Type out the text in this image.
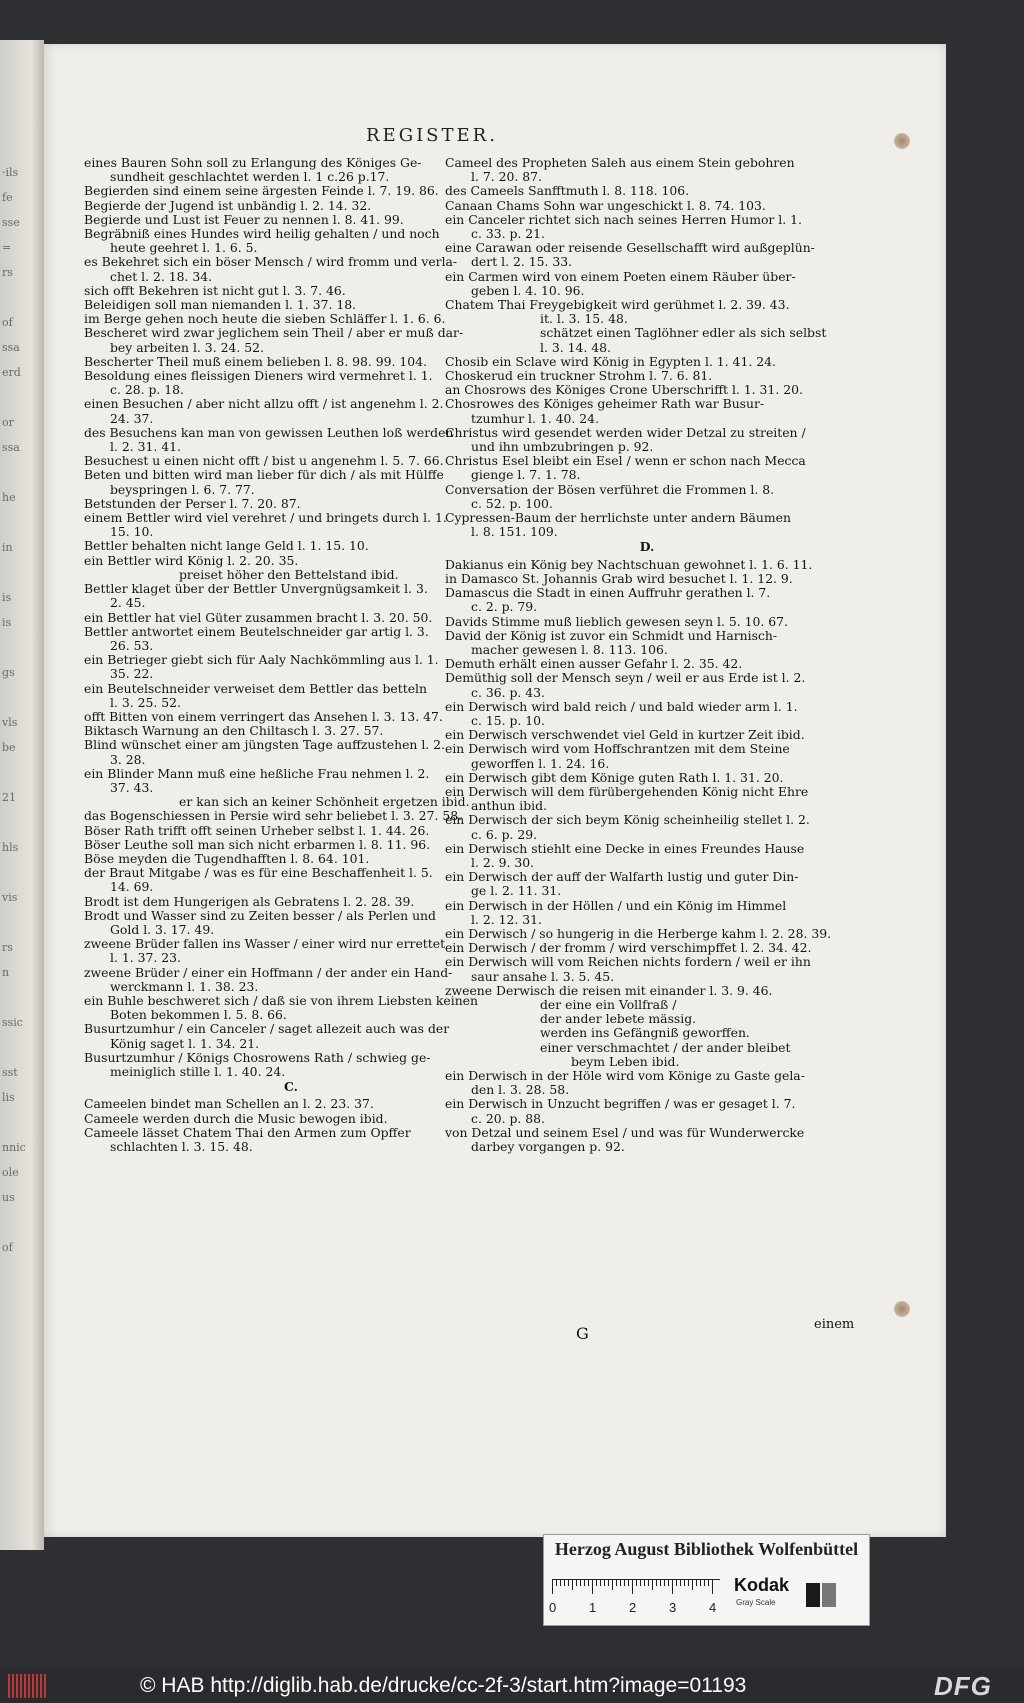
·ils
fe
sse
=
rs

of
ssa
erd

or
ssa

he

in

is
is

gs

vls
be

21

hls

vis

rs
n

ssic

sst
lis

nnic
ole
us

of
REGISTER.
eines Bauren Sohn soll zu Erlangung des Königes Ge-
sundheit geschlachtet werden l. 1 c.26 p.17.
Begierden sind einem seine ärgesten Feinde l. 7. 19. 86.
Begierde der Jugend ist unbändig l. 2. 14. 32.
Begierde und Lust ist Feuer zu nennen l. 8. 41. 99.
Begräbniß eines Hundes wird heilig gehalten / und noch
heute geehret l. 1. 6. 5.
es Bekehret sich ein böser Mensch / wird fromm und verla-
chet l. 2. 18. 34.
sich offt Bekehren ist nicht gut l. 3. 7. 46.
Beleidigen soll man niemanden l. 1. 37. 18.
im Berge gehen noch heute die sieben Schläffer l. 1. 6. 6.
Bescheret wird zwar jeglichem sein Theil / aber er muß dar-
bey arbeiten l. 3. 24. 52.
Bescherter Theil muß einem belieben l. 8. 98. 99. 104.
Besoldung eines fleissigen Dieners wird vermehret l. 1.
c. 28. p. 18.
einen Besuchen / aber nicht allzu offt / ist angenehm l. 2.
24. 37.
des Besuchens kan man von gewissen Leuthen loß werden
l. 2. 31. 41.
Besuchest u einen nicht offt / bist u angenehm l. 5. 7. 66.
Beten und bitten wird man lieber für dich / als mit Hülffe
beyspringen l. 6. 7. 77.
Betstunden der Perser l. 7. 20. 87.
einem Bettler wird viel verehret / und bringets durch l. 1.
15. 10.
Bettler behalten nicht lange Geld l. 1. 15. 10.
ein Bettler wird König l. 2. 20. 35.
preiset höher den Bettelstand ibid.
Bettler klaget über der Bettler Unvergnügsamkeit l. 3.
2. 45.
ein Bettler hat viel Güter zusammen bracht l. 3. 20. 50.
Bettler antwortet einem Beutelschneider gar artig l. 3.
26. 53.
ein Betrieger giebt sich für Aaly Nachkömmling aus l. 1.
35. 22.
ein Beutelschneider verweiset dem Bettler das betteln
l. 3. 25. 52.
offt Bitten von einem verringert das Ansehen l. 3. 13. 47.
Biktasch Warnung an den Chiltasch l. 3. 27. 57.
Blind wünschet einer am jüngsten Tage auffzustehen l. 2.
3. 28.
ein Blinder Mann muß eine heßliche Frau nehmen l. 2.
37. 43.
er kan sich an keiner Schönheit ergetzen ibid.
das Bogenschiessen in Persie wird sehr beliebet l. 3. 27. 58.
Böser Rath trifft offt seinen Urheber selbst l. 1. 44. 26.
Böser Leuthe soll man sich nicht erbarmen l. 8. 11. 96.
Böse meyden die Tugendhafften l. 8. 64. 101.
der Braut Mitgabe / was es für eine Beschaffenheit l. 5.
14. 69.
Brodt ist dem Hungerigen als Gebratens l. 2. 28. 39.
Brodt und Wasser sind zu Zeiten besser / als Perlen und
Gold l. 3. 17. 49.
zweene Brüder fallen ins Wasser / einer wird nur errettet
l. 1. 37. 23.
zweene Brüder / einer ein Hoffmann / der ander ein Hand-
werckmann l. 1. 38. 23.
ein Buhle beschweret sich / daß sie von ihrem Liebsten keinen
Boten bekommen l. 5. 8. 66.
Busurtzumhur / ein Canceler / saget allezeit auch was der
König saget l. 1. 34. 21.
Busurtzumhur / Königs Chosrowens Rath / schwieg ge-
meiniglich stille l. 1. 40. 24.
C.
Cameelen bindet man Schellen an l. 2. 23. 37.
Cameele werden durch die Music bewogen ibid.
Cameele lässet Chatem Thai den Armen zum Opffer
schlachten l. 3. 15. 48.
Cameel des Propheten Saleh aus einem Stein gebohren
l. 7. 20. 87.
des Cameels Sanfftmuth l. 8. 118. 106.
Canaan Chams Sohn war ungeschickt l. 8. 74. 103.
ein Canceler richtet sich nach seines Herren Humor l. 1.
c. 33. p. 21.
eine Carawan oder reisende Gesellschafft wird außgeplün-
dert l. 2. 15. 33.
ein Carmen wird von einem Poeten einem Räuber über-
geben l. 4. 10. 96.
Chatem Thai Freygebigkeit wird gerühmet l. 2. 39. 43.
it. l. 3. 15. 48.
schätzet einen Taglöhner edler als sich selbst
l. 3. 14. 48.
Chosib ein Sclave wird König in Egypten l. 1. 41. 24.
Choskerud ein truckner Strohm l. 7. 6. 81.
an Chosrows des Königes Crone Uberschrifft l. 1. 31. 20.
Chosrowes des Königes geheimer Rath war Busur-
tzumhur l. 1. 40. 24.
Christus wird gesendet werden wider Detzal zu streiten /
und ihn umbzubringen p. 92.
Christus Esel bleibt ein Esel / wenn er schon nach Mecca
gienge l. 7. 1. 78.
Conversation der Bösen verführet die Frommen l. 8.
c. 52. p. 100.
Cypressen-Baum der herrlichste unter andern Bäumen
l. 8. 151. 109.
D.
Dakianus ein König bey Nachtschuan gewohnet l. 1. 6. 11.
in Damasco St. Johannis Grab wird besuchet l. 1. 12. 9.
Damascus die Stadt in einen Auffruhr gerathen l. 7.
c. 2. p. 79.
Davids Stimme muß lieblich gewesen seyn l. 5. 10. 67.
David der König ist zuvor ein Schmidt und Harnisch-
macher gewesen l. 8. 113. 106.
Demuth erhält einen ausser Gefahr l. 2. 35. 42.
Demüthig soll der Mensch seyn / weil er aus Erde ist l. 2.
c. 36. p. 43.
ein Derwisch wird bald reich / und bald wieder arm l. 1.
c. 15. p. 10.
ein Derwisch verschwendet viel Geld in kurtzer Zeit ibid.
ein Derwisch wird vom Hoffschrantzen mit dem Steine
geworffen l. 1. 24. 16.
ein Derwisch gibt dem Könige guten Rath l. 1. 31. 20.
ein Derwisch will dem fürübergehenden König nicht Ehre
anthun ibid.
ein Derwisch der sich beym König scheinheilig stellet l. 2.
c. 6. p. 29.
ein Derwisch stiehlt eine Decke in eines Freundes Hause
l. 2. 9. 30.
ein Derwisch der auff der Walfarth lustig und guter Din-
ge l. 2. 11. 31.
ein Derwisch in der Höllen / und ein König im Himmel
l. 2. 12. 31.
ein Derwisch / so hungerig in die Herberge kahm l. 2. 28. 39.
ein Derwisch / der fromm / wird verschimpffet l. 2. 34. 42.
ein Derwisch will vom Reichen nichts fordern / weil er ihn
saur ansahe l. 3. 5. 45.
zweene Derwisch die reisen mit einander l. 3. 9. 46.
der eine ein Vollfraß /
der ander lebete mässig.
werden ins Gefängniß geworffen.
einer verschmachtet / der ander bleibet
beym Leben ibid.
ein Derwisch in der Höle wird vom Könige zu Gaste gela-
den l. 3. 28. 58.
ein Derwisch in Unzucht begriffen / was er gesaget l. 7.
c. 20. p. 88.
von Detzal und seinem Esel / und was für Wunderwercke
darbey vorgangen p. 92.
G	einem
Herzog August Bibliothek Wolfenbüttel
0	1	2	3	4
Kodak
Gray Scale
© HAB http://diglib.hab.de/drucke/cc-2f-3/start.htm?image=01193	DFG
